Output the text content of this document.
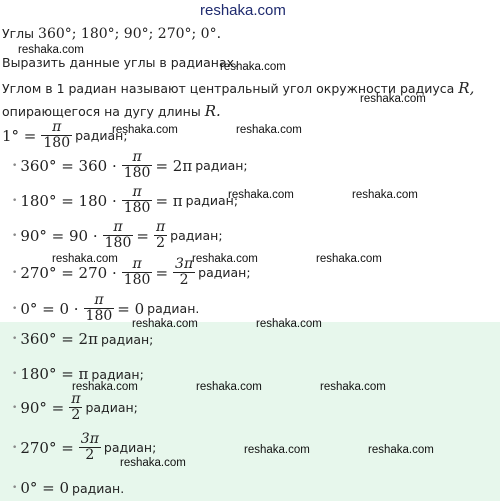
reshaka.com
Углы 360°; 180°; 90°; 270°; 0°.
reshaka.com
Выразить данные углы в радианах.
reshaka.com
Углом в 1 радиан называют центральный угол окружности радиуса R,
reshaka.com
опирающегося на дугу длины R.
$1^\circ = \frac{\pi}{180}$ радиан;
reshaka.com	reshaka.com
• $360^\circ = 360 \cdot \frac{\pi}{180} = 2\pi$ радиан;
• $180^\circ = 180 \cdot \frac{\pi}{180} = \pi$ радиан;
reshaka.com	reshaka.com
• $90^\circ = 90 \cdot \frac{\pi}{180} = \frac{\pi}{2}$ радиан;
reshaka.com	reshaka.com	reshaka.com
• $270^\circ = 270 \cdot \frac{\pi}{180} = \frac{3\pi}{2}$ радиан;
• $0^\circ = 0 \cdot \frac{\pi}{180} = 0$ радиан.
reshaka.com	reshaka.com
• 360° = 2π радиан;
• 180° = π радиан;
reshaka.com	reshaka.com	reshaka.com
• $90^\circ = \frac{\pi}{2}$ радиан;
• $270^\circ = \frac{3\pi}{2}$ радиан;	reshaka.com	reshaka.com
reshaka.com
• 0° = 0 радиан.
